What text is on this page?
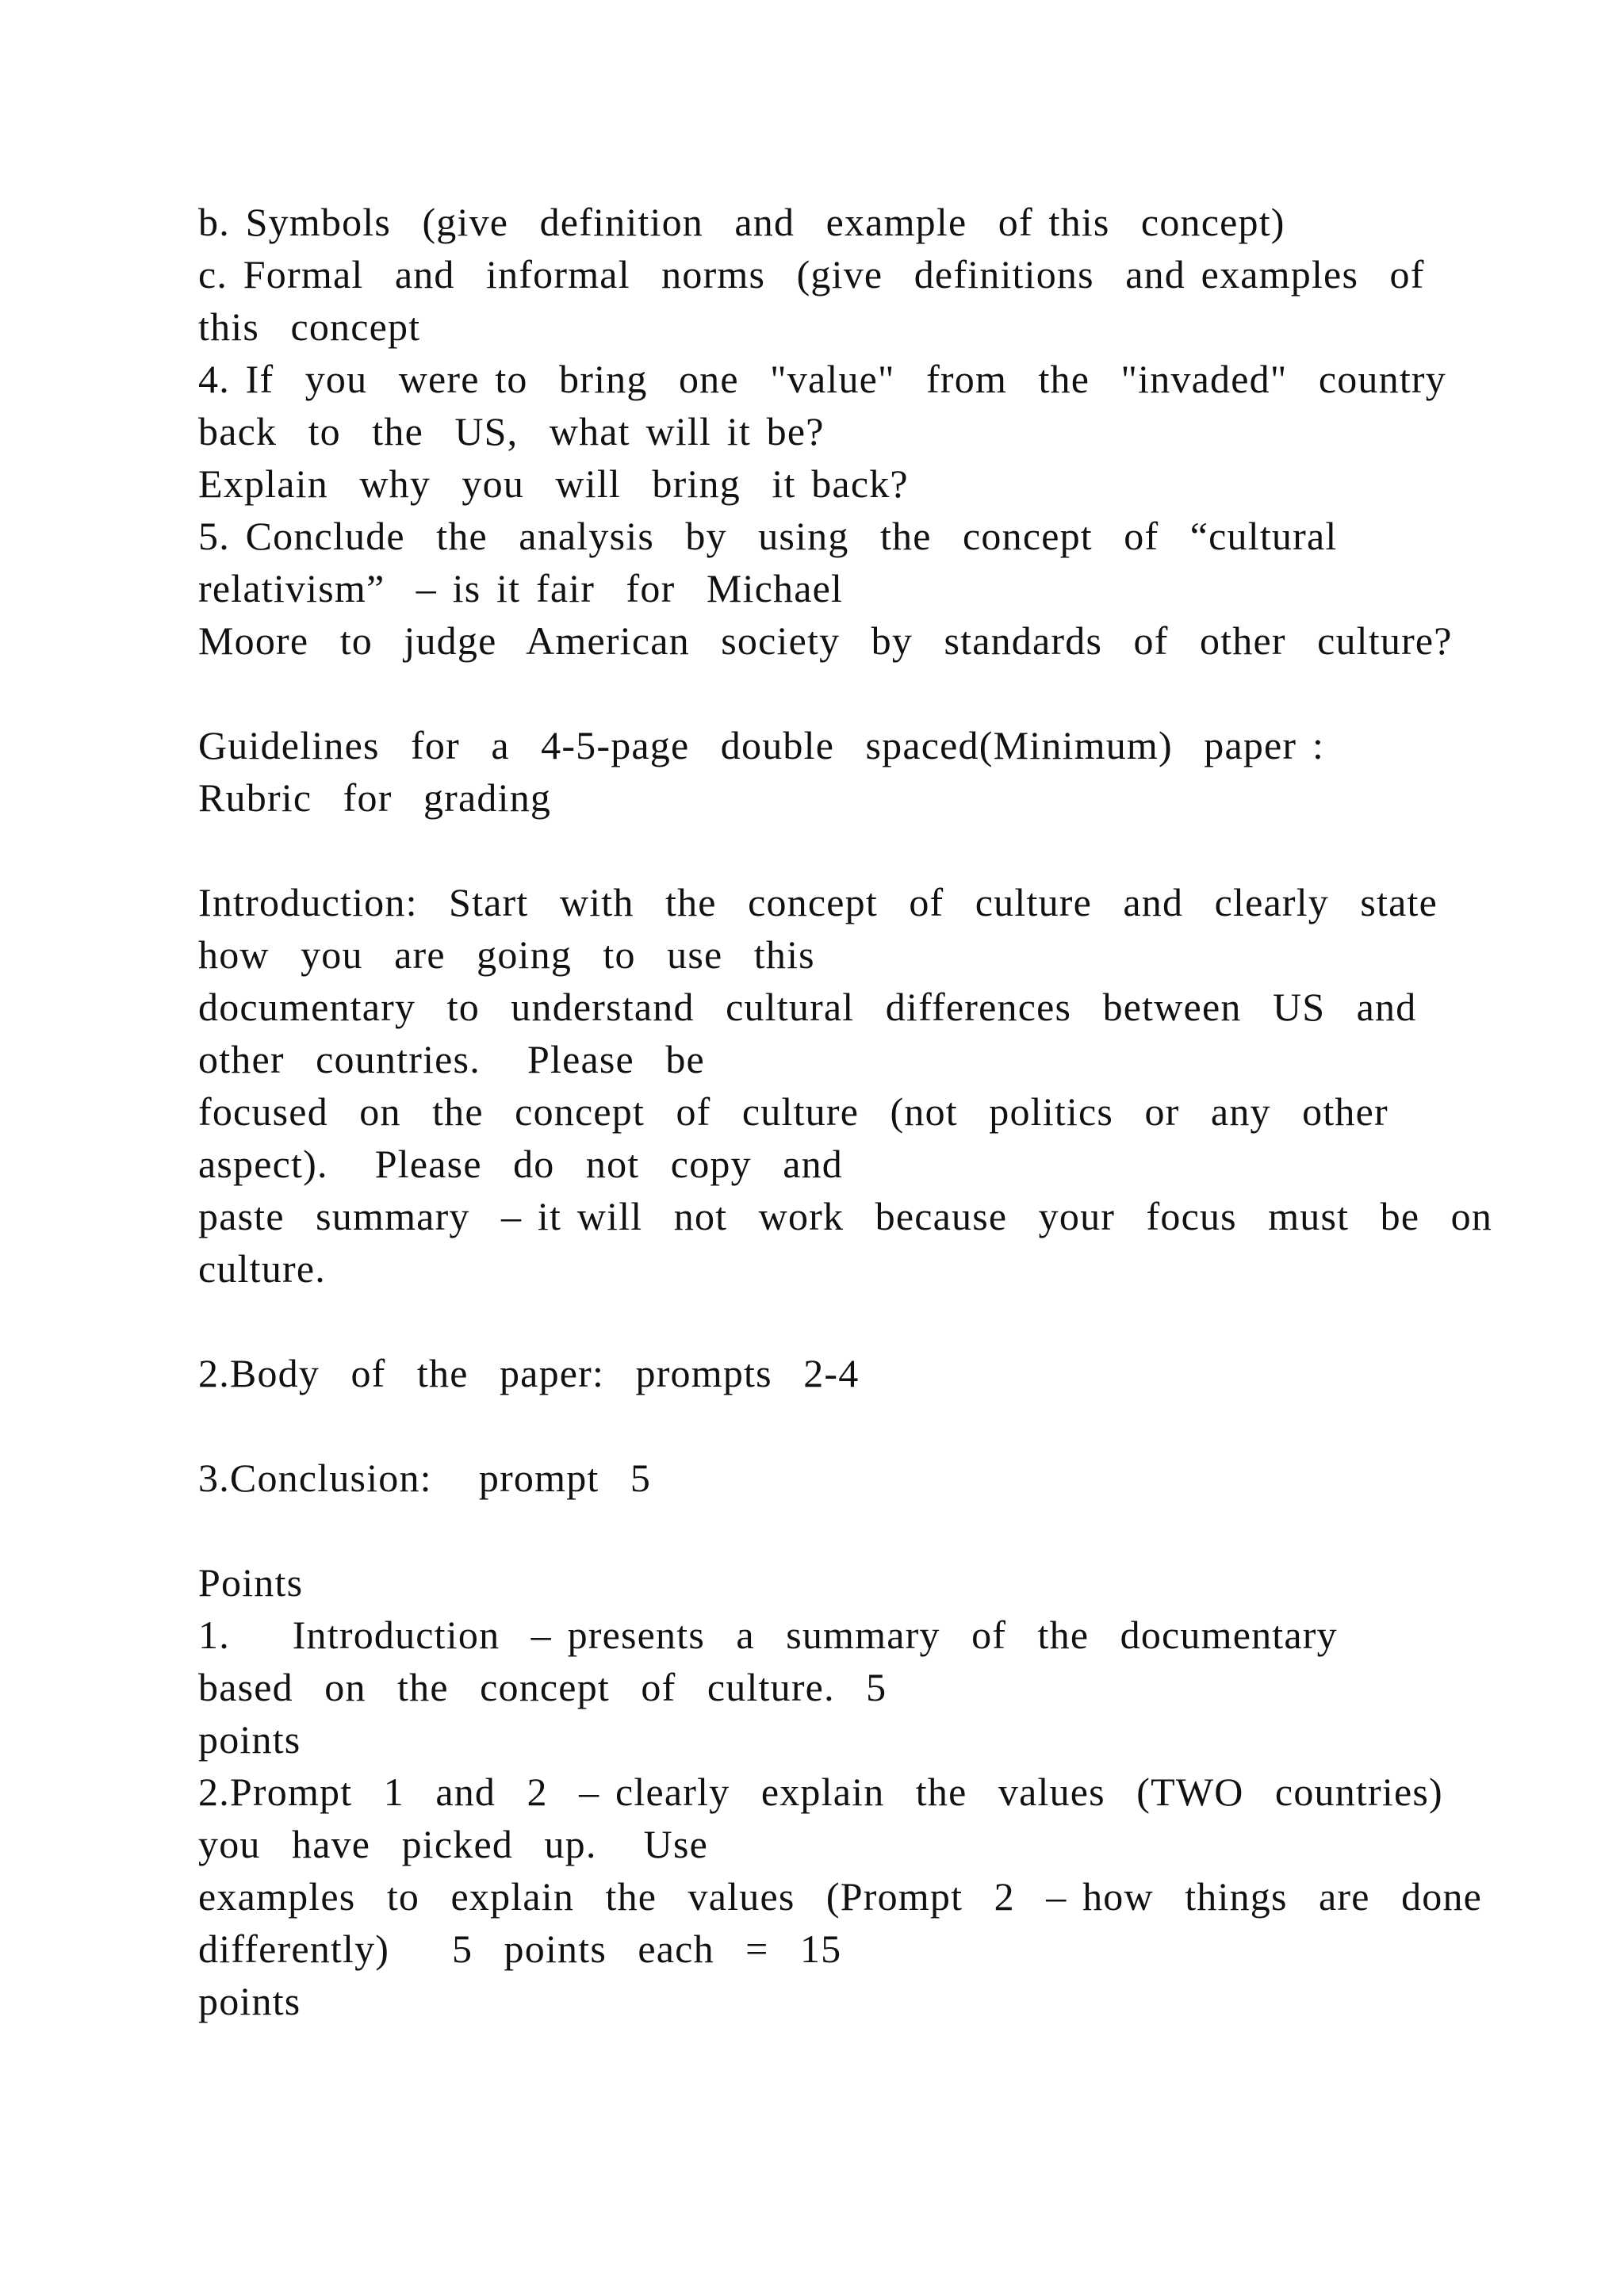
b. Symbols  (give  definition  and  example  of this  concept)
c. Formal  and  informal  norms  (give  definitions  and examples  of
this  concept
4. If  you  were to  bring  one  "value"  from  the  "invaded"  country
back  to  the  US,  what will it be?
Explain  why  you  will  bring  it back?
5. Conclude  the  analysis  by  using  the  concept  of  “cultural
relativism”  – is it fair  for  Michael
Moore  to  judge  American  society  by  standards  of  other  culture?
Guidelines  for  a  4-5-page  double  spaced(Minimum)  paper :
Rubric  for  grading
Introduction:  Start  with  the  concept  of  culture  and  clearly  state
how  you  are  going  to  use  this
documentary  to  understand  cultural  differences  between  US  and
other  countries.   Please  be
focused  on  the  concept  of  culture  (not  politics  or  any  other
aspect).   Please  do  not  copy  and
paste  summary  – it will  not  work  because  your  focus  must  be  on
culture.
2.Body  of  the  paper:  prompts  2-4
3.Conclusion:   prompt  5
Points
1.    Introduction  – presents  a  summary  of  the  documentary
based  on  the  concept  of  culture.  5
points
2.Prompt  1  and  2  – clearly  explain  the  values  (TWO  countries)
you  have  picked  up.   Use
examples  to  explain  the  values  (Prompt  2  – how  things  are  done
differently)    5  points  each  =  15
points
